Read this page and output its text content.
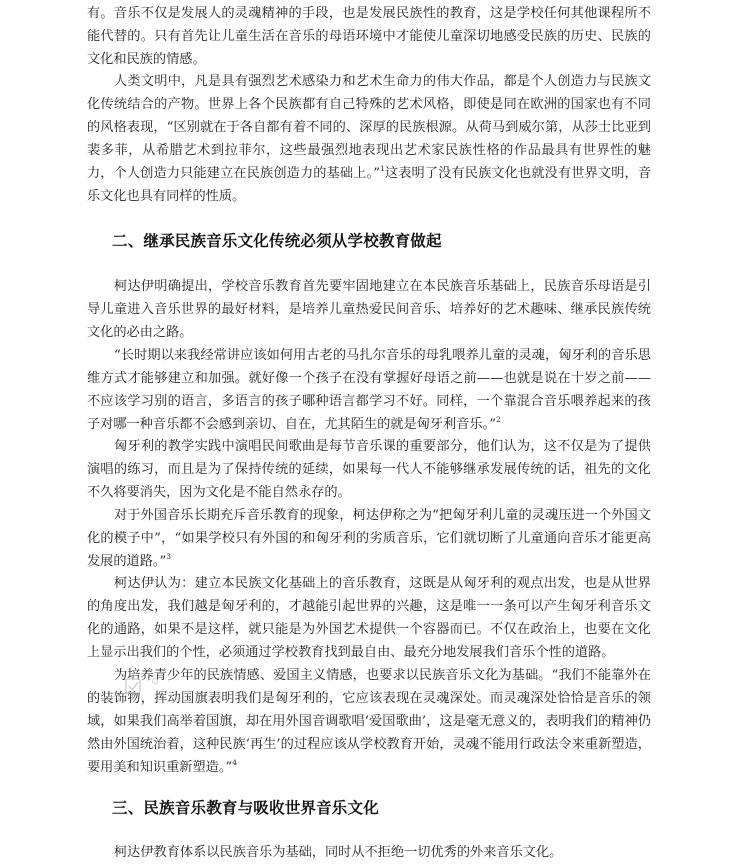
有。音乐不仅是发展人的灵魂精神的手段，也是发展民族性的教育，这是学校任何其他课程所不能代替的。只有首先让儿童生活在音乐的母语环境中才能使儿童深切地感受民族的历史、民族的文化和民族的情感。

人类文明中，凡是具有强烈艺术感染力和艺术生命力的伟大作品，都是个人创造力与民族文化传统结合的产物。世界上各个民族都有自己特殊的艺术风格，即使是同在欧洲的国家也有不同的风格表现，“区别就在于各自都有着不同的、深厚的民族根源。从荷马到威尔第，从莎士比亚到裴多菲，从希腊艺术到拉菲尔，这些最强烈地表现出艺术家民族性格的作品最具有世界性的魅力，个人创造力只能建立在民族创造力的基础上。”$^1$这表明了没有民族文化也就没有世界文明，音乐文化也具有同样的性质。

二、继承民族音乐文化传统必须从学校教育做起

柯达伊明确提出，学校音乐教育首先要牢固地建立在本民族音乐基础上，民族音乐母语是引导儿童进入音乐世界的最好材料，是培养儿童热爱民间音乐、培养好的艺术趣味、继承民族传统文化的必由之路。

“长时期以来我经常讲应该如何用古老的马扎尔音乐的母乳喂养儿童的灵魂，匈牙利的音乐思维方式才能够建立和加强。就好像一个孩子在没有掌握好母语之前——也就是说在十岁之前——不应该学习别的语言，多语言的孩子哪种语言都学习不好。同样，一个靠混合音乐喂养起来的孩子对哪一种音乐都不会感到亲切、自在，尤其陌生的就是匈牙利音乐。”$^2$

匈牙利的教学实践中演唱民间歌曲是每节音乐课的重要部分，他们认为，这不仅是为了提供演唱的练习，而且是为了保持传统的延续，如果每一代人不能够继承发展传统的话，祖先的文化不久将要消失，因为文化是不能自然永存的。

对于外国音乐长期充斥音乐教育的现象，柯达伊称之为“把匈牙利儿童的灵魂压进一个外国文化的模子中”，“如果学校只有外国的和匈牙利的劣质音乐，它们就切断了儿童通向音乐才能更高发展的道路。”$^3$

柯达伊认为：建立本民族文化基础上的音乐教育，这既是从匈牙利的观点出发，也是从世界的角度出发，我们越是匈牙利的，才越能引起世界的兴趣，这是唯一一条可以产生匈牙利音乐文化的通路，如果不是这样，就只能是为外国艺术提供一个容器而已。不仅在政治上，也要在文化上显示出我们的个性，必须通过学校教育找到最自由、最充分地发展我们音乐个性的道路。

为培养青少年的民族情感、爱国主义情感，也要求以民族音乐文化为基础。“我们不能靠外在的装饰物，挥动国旗表明我们是匈牙利的，它应该表现在灵魂深处。而灵魂深处恰恰是音乐的领域，如果我们高举着国旗，却在用外国音调歌唱‘爱国歌曲’，这是毫无意义的，表明我们的精神仍然由外国统治着，这种民族‘再生’的过程应该从学校教育开始，灵魂不能用行政法令来重新塑造，要用美和知识重新塑造。”$^4$

三、民族音乐教育与吸收世界音乐文化

柯达伊教育体系以民族音乐为基础，同时从不拒绝一切优秀的外来音乐文化。
